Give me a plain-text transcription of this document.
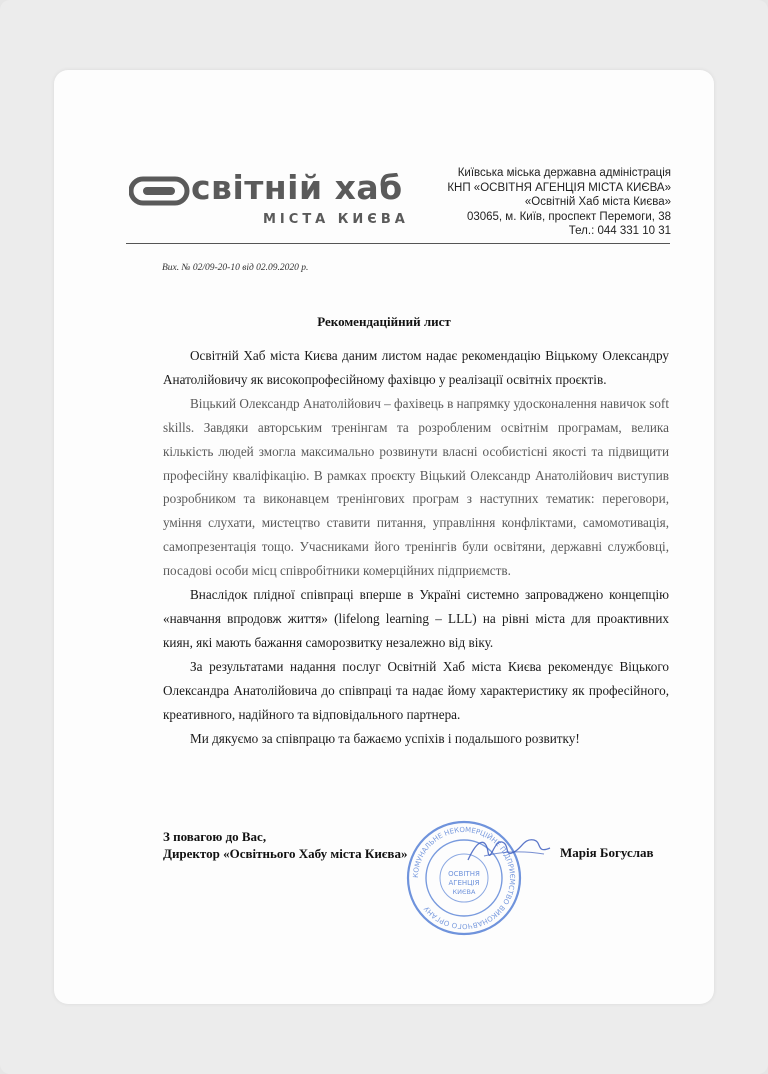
світній хаб
МІСТА КИЄВА
Київська міська державна адміністрація
КНП «ОСВІТНЯ АГЕНЦІЯ МІСТА КИЄВА»
«Освітній Хаб міста Києва»
03065, м. Київ, проспект Перемоги, 38
Тел.: 044 331 10 31
Вих. № 02/09-20-10 від 02.09.2020 р.
Рекомендаційний лист

Освітній Хаб міста Києва даним листом надає рекомендацію Віцькому Олександру Анатолійовичу як високопрофесійному фахівцю у реалізації освітніх проєктів.

Віцький Олександр Анатолійович – фахівець в напрямку удосконалення навичок soft skills. Завдяки авторським тренінгам та розробленим освітнім програмам, велика кількість людей змогла максимально розвинути власні особистісні якості та підвищити професійну кваліфікацію. В рамках проєкту Віцький Олександр Анатолійович виступив розробником та виконавцем тренінгових програм з наступних тематик: переговори, уміння слухати, мистецтво ставити питання, управління конфліктами, самомотивація, самопрезентація тощо. Учасниками його тренінгів були освітяни, державні службовці, посадові особи місц співробітники комерційних підприємств.

Внаслідок плідної співпраці вперше в Україні системно запроваджено концепцію «навчання впродовж життя» (lifelong learning – LLL) на рівні міста для проактивних киян, які мають бажання саморозвитку незалежно від віку.

За результатами надання послуг Освітній Хаб міста Києва рекомендує Віцького Олександра Анатолійовича до співпраці та надає йому характеристику як професійного, креативного, надійного та відповідального партнера.

Ми дякуємо за співпрацю та бажаємо успіхів і подальшого розвитку!

КОМУНАЛЬНЕ НЕКОМЕРЦІЙНЕ ПІДПРИЄМСТВО ВИКОНАВЧОГО ОРГАНУ
ОСВІТНЯ
АГЕНЦІЯ
КИЄВА
З повагою до Вас,
Директор «Освітнього Хабу міста Києва»	Марія Богуслав
